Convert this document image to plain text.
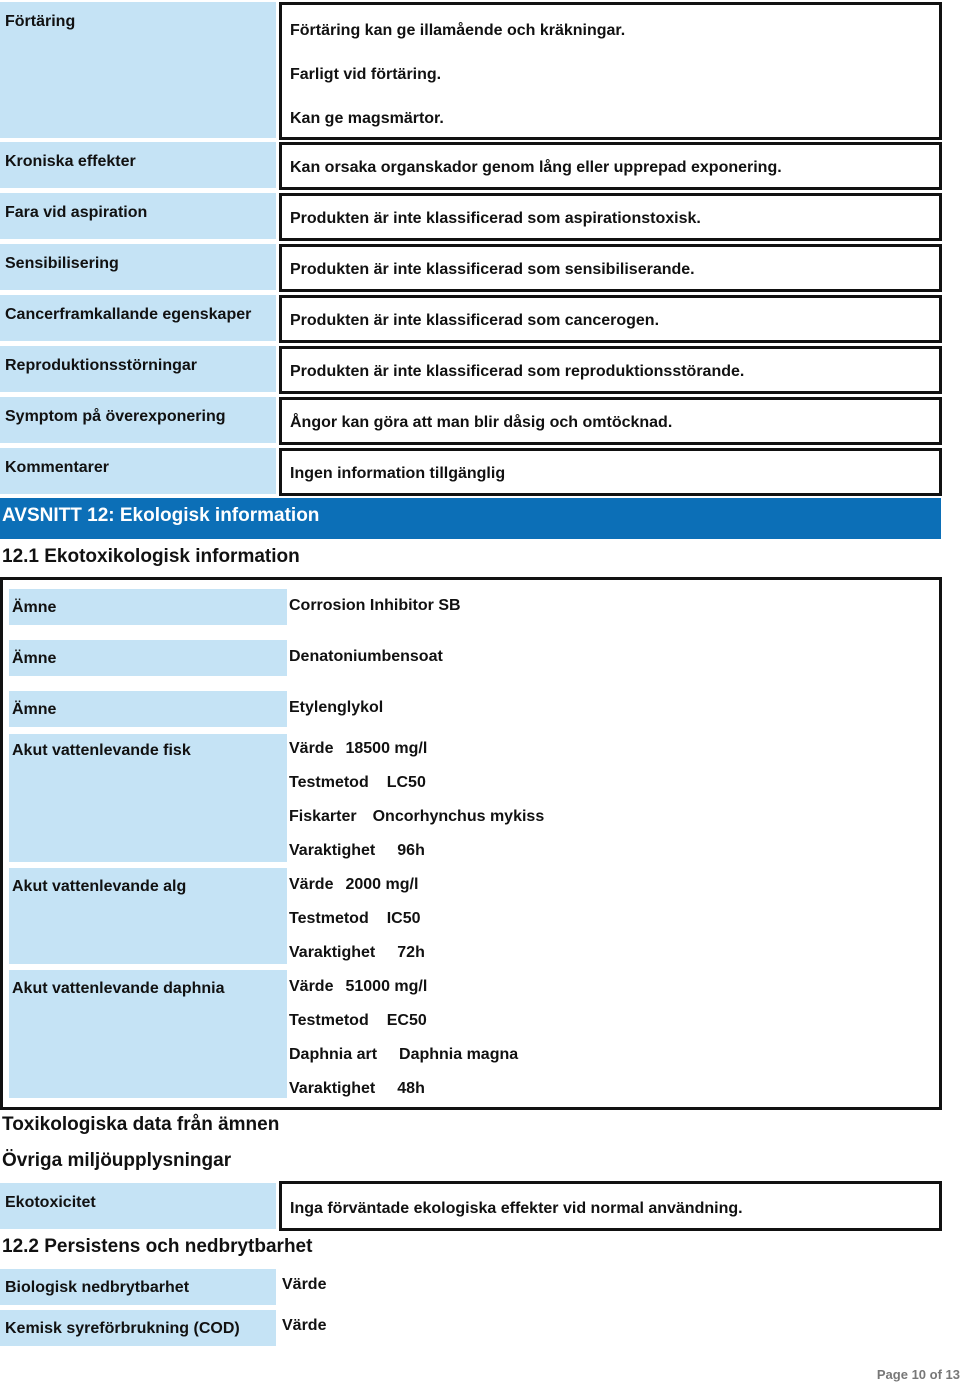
Förtäring
Förtäring kan ge illamående och kräkningar.
Farligt vid förtäring.
Kan ge magsmärtor.
Kroniska effekter	Kan orsaka organskador genom lång eller upprepad exponering.
Fara vid aspiration	Produkten är inte klassificerad som aspirationstoxisk.
Sensibilisering	Produkten är inte klassificerad som sensibiliserande.
Cancerframkallande egenskaper	Produkten är inte klassificerad som cancerogen.
Reproduktionsstörningar	Produkten är inte klassificerad som reproduktionsstörande.
Symptom på överexponering	Ångor kan göra att man blir dåsig och omtöcknad.
Kommentarer	Ingen information tillgänglig
AVSNITT 12: Ekologisk information
12.1 Ekotoxikologisk information
Ämne	Corrosion Inhibitor SB
Ämne	Denatoniumbensoat
Ämne	Etylenglykol
Akut vattenlevande fisk	Värde 18500 mg/l
Testmetod LC50
Fiskarter Oncorhynchus mykiss
Varaktighet 96h
Akut vattenlevande alg	Värde 2000 mg/l
Testmetod IC50
Varaktighet 72h
Akut vattenlevande daphnia	Värde 51000 mg/l
Testmetod EC50
Daphnia art Daphnia magna
Varaktighet 48h
Toxikologiska data från ämnen
Övriga miljöupplysningar
Ekotoxicitet	Inga förväntade ekologiska effekter vid normal användning.
12.2 Persistens och nedbrytbarhet
Biologisk nedbrytbarhet	Värde
Kemisk syreförbrukning (COD)	Värde
Page 10 of 13
